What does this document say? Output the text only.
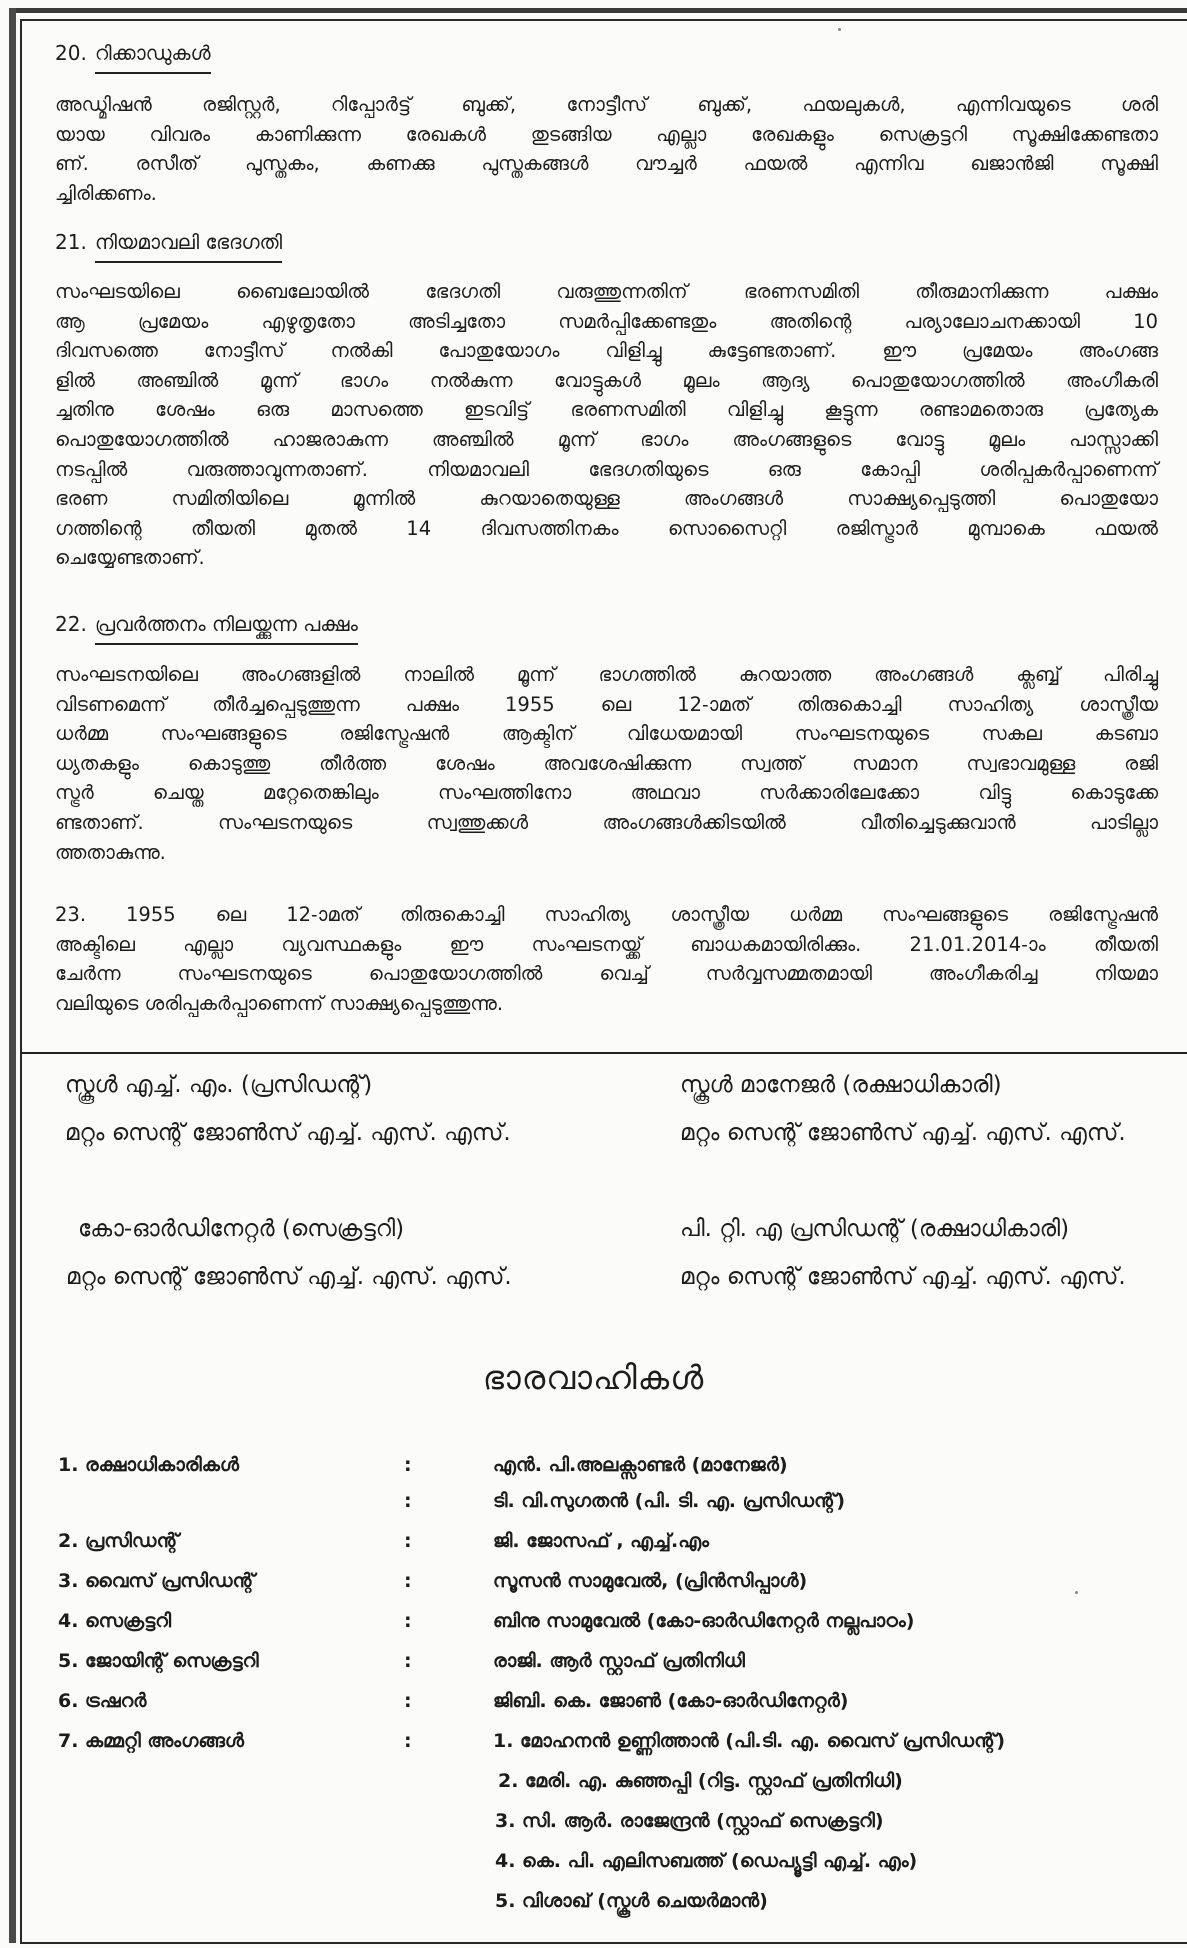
20. റിക്കാഡുകൾ
അഡ്മിഷൻ രജിസ്റ്റർ, റിപ്പോർട്ട് ബുക്ക്, നോട്ടീസ് ബുക്ക്, ഫയലുകൾ, എന്നിവയുടെ ശരി
യായ വിവരം കാണിക്കുന്ന രേഖകൾ തുടങ്ങിയ എല്ലാ രേഖകളും സെക്രട്ടറി സൂക്ഷിക്കേണ്ടതാ
ണ്. രസീത് പുസ്തകം, കണക്കു പുസ്തകങ്ങൾ വൗച്ചർ ഫയൽ എന്നിവ ഖജാൻജി സൂക്ഷി
ച്ചിരിക്കണം.
21. നിയമാവലി ഭേദഗതി
സംഘടയിലെ ബൈലോയിൽ ഭേദഗതി വരുത്തുന്നതിന് ഭരണസമിതി തീരുമാനിക്കുന്ന പക്ഷം
ആ പ്രമേയം എഴുതൃതോ അടിച്ചതോ സമർപ്പിക്കേണ്ടതും അതിന്റെ പര്യാലോചനക്കായി 10
ദിവസത്തെ നോട്ടീസ് നൽകി പോതുയോഗം വിളിച്ചു കുട്ടേണ്ടതാണ്. ഈ പ്രമേയം അംഗങ്ങ
ളിൽ അഞ്ചിൽ മൂന്ന് ഭാഗം നൽകുന്ന വോട്ടുകൾ മൂലം ആദ്യ പൊതുയോഗത്തിൽ അംഗീകരി
ച്ചതിനു ശേഷം ഒരു മാസത്തെ ഇടവിട്ട് ഭരണസമിതി വിളിച്ചു കൂട്ടുന്ന രണ്ടാമതൊരു പ്രത്യേക
പൊതുയോഗത്തിൽ ഹാജരാകുന്ന അഞ്ചിൽ മൂന്ന് ഭാഗം അംഗങ്ങളുടെ വോട്ടു മൂലം പാസ്സാക്കി
നടപ്പിൽ വരുത്താവുന്നതാണ്. നിയമാവലി ഭേദഗതിയുടെ ഒരു കോപ്പി ശരിപ്പകർപ്പാണെന്ന്
ഭരണ സമിതിയിലെ മൂന്നിൽ കുറയാതെയുള്ള അംഗങ്ങൾ സാക്ഷ്യപ്പെടുത്തി പൊതുയോ
ഗത്തിന്റെ തീയതി മുതൽ 14 ദിവസത്തിനകം സൊസൈറ്റി രജിസ്ട്രാർ മുമ്പാകെ ഫയൽ
ചെയ്യേണ്ടതാണ്.
22. പ്രവർത്തനം നിലയ്ക്കുന്ന പക്ഷം
സംഘടനയിലെ അംഗങ്ങളിൽ നാലിൽ മൂന്ന് ഭാഗത്തിൽ കുറയാത്ത അംഗങ്ങൾ ക്ലബ്ബ് പിരിച്ചു
വിടണമെന്ന് തീർച്ചപ്പെടുത്തുന്ന പക്ഷം 1955 ലെ 12-ാമത് തിരുകൊച്ചി സാഹിത്യ ശാസ്ത്രീയ
ധർമ്മ സംഘങ്ങളുടെ രജിസ്ട്രേഷൻ ആക്ടിന് വിധേയമായി സംഘടനയുടെ സകല കടബാ
ധ്യതകളും കൊടുത്തു തീർത്ത ശേഷം അവശേഷിക്കുന്ന സ്വത്ത് സമാന സ്വഭാവമുള്ള രജി
സ്ട്രർ ചെയ്ത മറ്റേതെങ്കിലും സംഘത്തിനോ അഥവാ സർക്കാരിലേക്കോ വിട്ടു കൊടുക്കേ
ണ്ടതാണ്. സംഘടനയുടെ സ്വത്തുക്കൾ അംഗങ്ങൾക്കിടയിൽ വീതിച്ചെടുക്കുവാൻ പാടില്ലാ
ത്തതാകുന്നു.
23. 1955 ലെ 12-ാമത് തിരുകൊച്ചി സാഹിത്യ ശാസ്ത്രീയ ധർമ്മ സംഘങ്ങളുടെ രജിസ്ട്രേഷൻ
അക്ടിലെ എല്ലാ വ്യവസ്ഥകളും ഈ സംഘടനയ്ക്ക് ബാധകമായിരിക്കും. 21.01.2014-ാം തീയതി
ചേർന്ന സംഘടനയുടെ പൊതുയോഗത്തിൽ വെച്ച് സർവ്വസമ്മതമായി അംഗീകരിച്ച നിയമാ
വലിയുടെ ശരിപ്പകർപ്പാണെന്ന് സാക്ഷ്യപ്പെടുത്തുന്നു.
സ്കൂൾ എച്ച്. എം. (പ്രസിഡന്റ്)
മറ്റം സെന്റ് ജോൺസ് എച്ച്. എസ്. എസ്.
സ്കൂൾ മാനേജർ (രക്ഷാധികാരി)
മറ്റം സെന്റ് ജോൺസ് എച്ച്. എസ്. എസ്.
കോ-ഓർഡിനേറ്റർ (സെക്രട്ടറി)
മറ്റം സെന്റ് ജോൺസ് എച്ച്. എസ്. എസ്.
പി. റ്റി. എ പ്രസിഡന്റ് (രക്ഷാധികാരി)
മറ്റം സെന്റ് ജോൺസ് എച്ച്. എസ്. എസ്.
ഭാരവാഹികൾ
1. രക്ഷാധികാരികൾ	:	എൻ. പി.അലക്സാണ്ടർ (മാനേജർ)
:	ടി. വി.സുഗതൻ (പി. ടി. എ. പ്രസിഡന്റ്)
2. പ്രസിഡന്റ്	:	ജി. ജോസഫ് , എച്ച്.എം
3. വൈസ് പ്രസിഡന്റ്	:	സൂസൻ സാമുവേൽ, (പ്രിൻസിപ്പാൾ)
4. സെക്രട്ടറി	:	ബിനു സാമുവേൽ (കോ-ഓർഡിനേറ്റർ നല്ലപാഠം)
5. ജോയിന്റ് സെക്രട്ടറി	:	രാജി. ആർ സ്റ്റാഫ് പ്രതിനിധി
6. ട്രഷറർ	:	ജിബി. കെ. ജോൺ (കോ-ഓർഡിനേറ്റർ)
7. കമ്മറ്റി അംഗങ്ങൾ	:	1. മോഹനൻ ഉണ്ണിത്താൻ (പി.ടി. എ. വൈസ് പ്രസിഡന്റ്)
2. മേരി. എ. കുഞ്ഞപ്പി (റിട്ട. സ്റ്റാഫ് പ്രതിനിധി)
3. സി. ആർ. രാജേന്ദ്രൻ (സ്റ്റാഫ് സെക്രട്ടറി)
4. കെ. പി. എലിസബത്ത് (ഡെപ്യൂട്ടി എച്ച്. എം)
5. വിശാഖ് (സ്കൂൾ ചെയർമാൻ)
